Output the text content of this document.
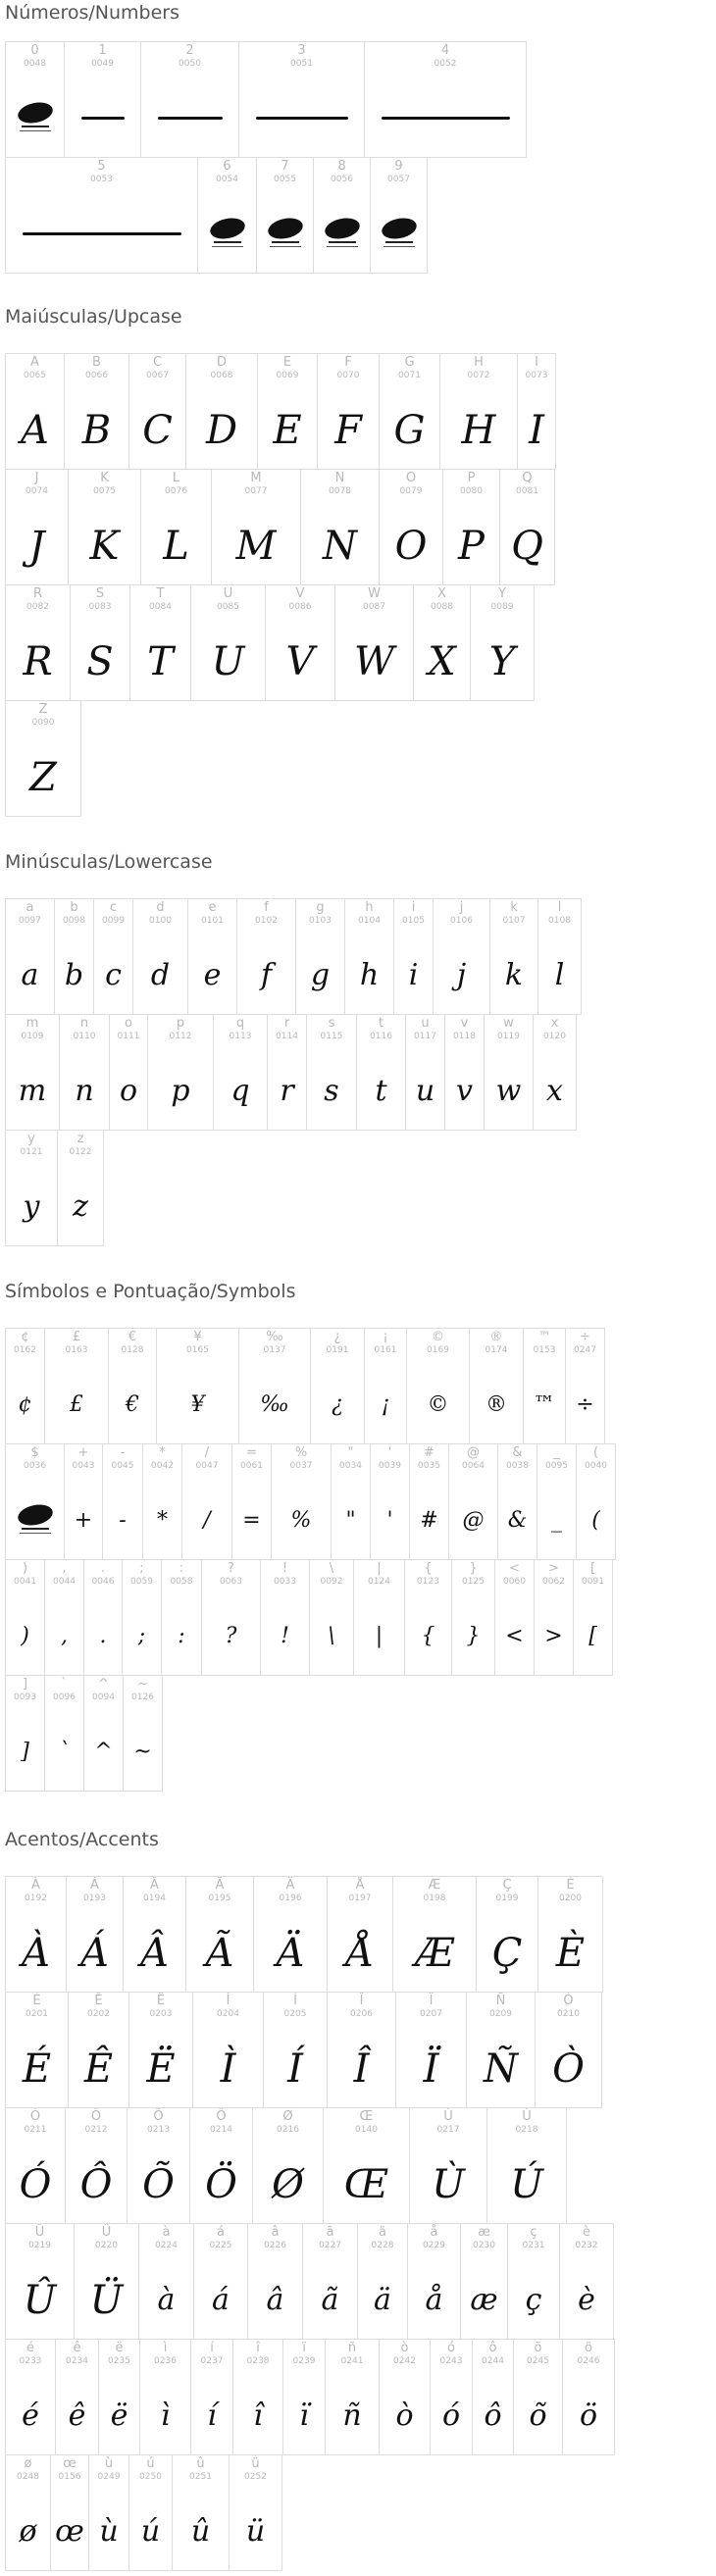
Números/Numbers
0
0048
1
0049
2
0050
3
0051
4
0052
5
0053
6
0054
7
0055
8
0056
9
0057
Maiúsculas/Upcase
A
0065
A
B
0066
B
C
0067
C
D
0068
D
E
0069
E
F
0070
F
G
0071
G
H
0072
H
I
0073
I
J
0074
J
K
0075
K
L
0076
L
M
0077
M
N
0078
N
O
0079
O
P
0080
P
Q
0081
Q
R
0082
R
S
0083
S
T
0084
T
U
0085
U
V
0086
V
W
0087
W
X
0088
X
Y
0089
Y
Z
0090
Z
Minúsculas/Lowercase
a
0097
a
b
0098
b
c
0099
c
d
0100
d
e
0101
e
f
0102
f
g
0103
g
h
0104
h
i
0105
i
j
0106
j
k
0107
k
l
0108
l
m
0109
m
n
0110
n
o
0111
o
p
0112
p
q
0113
q
r
0114
r
s
0115
s
t
0116
t
u
0117
u
v
0118
v
w
0119
w
x
0120
x
y
0121
y
z
0122
z
Símbolos e Pontuação/Symbols
¢
0162
¢
£
0163
£
€
0128
€
¥
0165
¥
‰
0137
‰
¿
0191
¿
¡
0161
¡
©
0169
©
®
0174
®
™
0153
™
÷
0247
÷
$
0036
+
0043
+
-
0045
-
*
0042
*
/
0047
/
=
0061
=
%
0037
%
"
0034
"
'
0039
'
#
0035
#
@
0064
@
&
0038
&
_
0095
_
(
0040
(
)
0041
)
,
0044
,
.
0046
.
;
0059
;
:
0058
:
?
0063
?
!
0033
!
\
0092
\
|
0124
|
{
0123
{
}
0125
}
<
0060
<
>
0062
>
[
0091
[
]
0093
]
`
0096
`
^
0094
^
~
0126
~
Acentos/Accents
À
0192
À
Á
0193
Á
Â
0194
Â
Ã
0195
Ã
Ä
0196
Ä
Å
0197
Å
Æ
0198
Æ
Ç
0199
Ç
È
0200
È
É
0201
É
Ê
0202
Ê
Ë
0203
Ë
Ì
0204
Ì
Í
0205
Í
Î
0206
Î
Ï
0207
Ï
Ñ
0209
Ñ
Ò
0210
Ò
Ó
0211
Ó
Ô
0212
Ô
Õ
0213
Õ
Ö
0214
Ö
Ø
0216
Ø
Œ
0140
Œ
Ù
0217
Ù
Ú
0218
Ú
Û
0219
Û
Ü
0220
Ü
à
0224
à
á
0225
á
â
0226
â
ã
0227
ã
ä
0228
ä
å
0229
å
æ
0230
æ
ç
0231
ç
è
0232
è
é
0233
é
ê
0234
ê
ë
0235
ë
ì
0236
ì
í
0237
í
î
0238
î
ï
0239
ï
ñ
0241
ñ
ò
0242
ò
ó
0243
ó
ô
0244
ô
õ
0245
õ
ö
0246
ö
ø
0248
ø
œ
0156
œ
ù
0249
ù
ú
0250
ú
û
0251
û
ü
0252
ü
